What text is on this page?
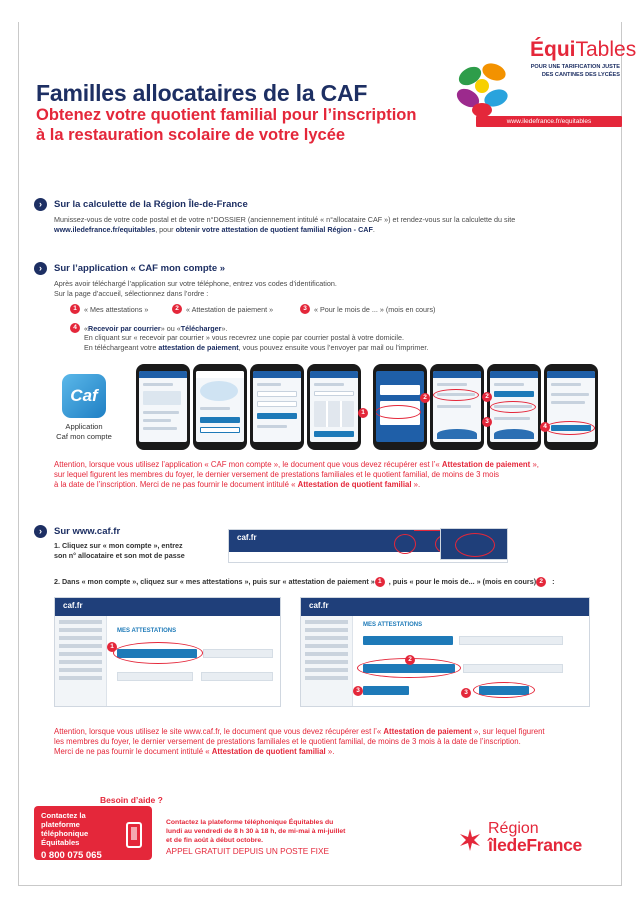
Familles allocataires de la CAF
Obtenez votre quotient familial pour l’inscription
à la restauration scolaire de votre lycée
ÉquiTables
POUR UNE TARIFICATION JUSTE
DES CANTINES DES LYCÉES
www.iledefrance.fr/equitables
›	Sur la calculette de la Région Île-de-France
Munissez-vous de votre code postal et de votre n°DOSSIER (anciennement intitulé « n°allocataire CAF ») et rendez-vous sur la calculette du site
www.iledefrance.fr/equitables, pour obtenir votre attestation de quotient familial Région - CAF.
›	Sur l’application « CAF mon compte »
Après avoir téléchargé l’application sur votre téléphone, entrez vos codes d’identification.
Sur la page d’accueil, sélectionnez dans l’ordre :
1 « Mes attestations »	2 « Attestation de paiement »	3 « Pour le mois de ... » (mois en cours)
4 « Recevoir par courrier » ou « Télécharger ».
En cliquant sur « recevoir par courrier » vous recevrez une copie par courrier postal à votre domicile.
En téléchargeant votre attestation de paiement, vous pouvez ensuite vous l’envoyer par mail ou l’imprimer.
Caf
Application
Caf mon compte
1
2	2
3
4
Attention, lorsque vous utilisez l’application « CAF mon compte », le document que vous devez récupérer est l’« Attestation de paiement »,
sur lequel figurent les membres du foyer, le dernier versement de prestations familiales et le quotient familial, de moins de 3 mois
à la date de l’inscription. Merci de ne pas fournir le document intitulé « Attestation de quotient familial ».
›	Sur www.caf.fr
1. Cliquez sur « mon compte », entrez
son n° allocataire et son mot de passe
caf.fr
2. Dans « mon compte », cliquez sur « mes attestations », puis sur « attestation de paiement » 1 , puis « pour le mois de... » (mois en cours) 2 :
caf.fr
MES ATTESTATIONS
1
caf.fr
MES ATTESTATIONS
2
3	3
Attention, lorsque vous utilisez le site www.caf.fr, le document que vous devez récupérer est l’« Attestation de paiement », sur lequel figurent
les membres du foyer, le dernier versement de prestations familiales et le quotient familial, de moins de 3 mois à la date de l’inscription.
Merci de ne pas fournir le document intitulé « Attestation de quotient familial ».
Besoin d’aide ?
Contactez la plateforme téléphonique Équitables
0 800 075 065
Contactez la plateforme téléphonique Équitables du
lundi au vendredi de 8 h 30 à 18 h, de mi-mai à mi-juillet
et de fin août à début octobre.
APPEL GRATUIT DEPUIS UN POSTE FIXE
Région
îledeFrance
